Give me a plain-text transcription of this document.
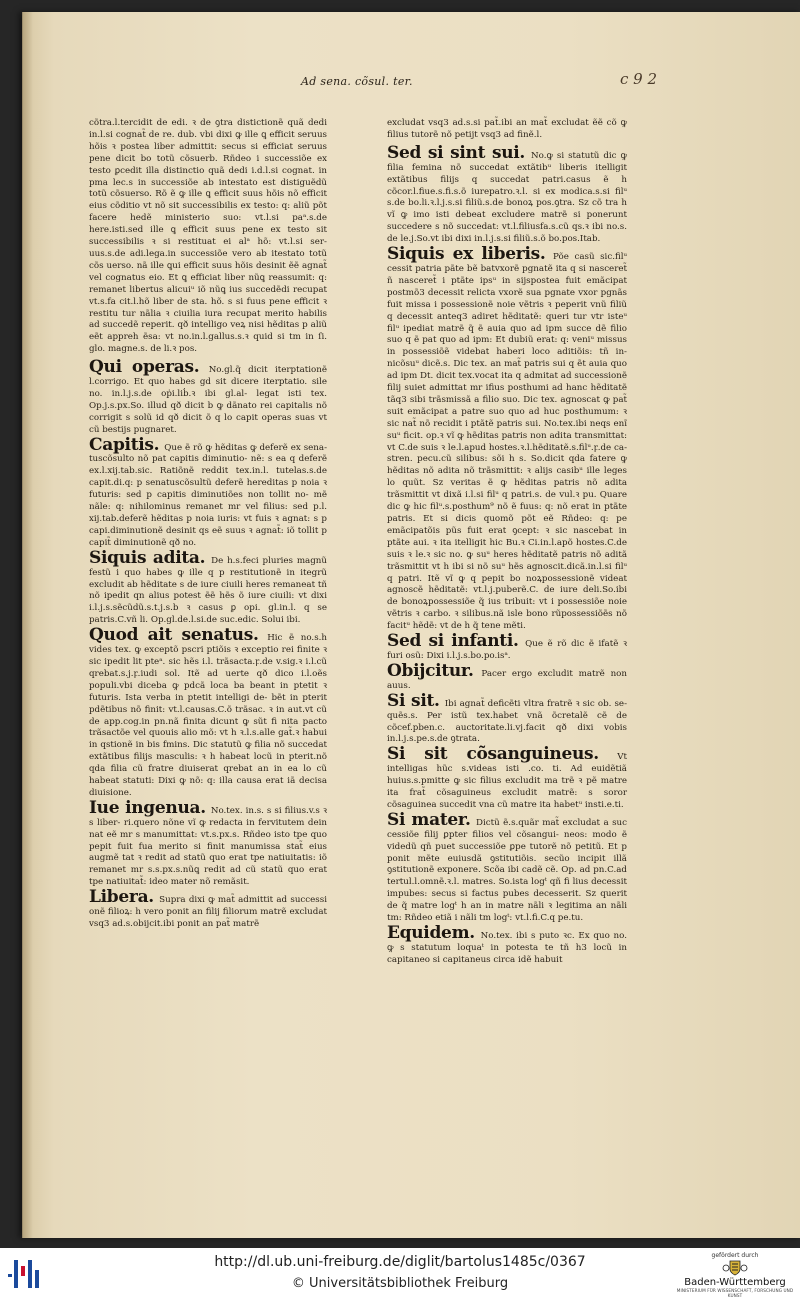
Ad sena. cõsul. ter.	c 9 2

cõtra.l.tercidit de edi. ꝛ de ꝯtra distictionẽ quã dedi in.l.si cognat̃ de re. dub. vbi dixi ꝙ ille ꝗ efficit seruus hõis ꝛ postea liber admittit: secus si efficiat seruus pene dicit bo totũ cõsuerb. Rñdeo i successiõe ex testo ꝑcedit illa distinctio quã dedi i.d.l.si cognat. in pma lec.s in successiõe ab intestato est distiguẽdũ totũ cõsuerso. Rõ ẽ ꝙ ille ꝗ efficit suus hõis nõ efficit eius cõditio vt nõ sit successibilis ex testo: q: aliũ põt facere hedẽ ministerio suo: vt.l.si paᵃ.s.de here.isti.sed ille ꝗ efficit suus pene ex testo sit successibilis ꝛ si restituat ei alᵃ hõ: vt.l.si ser- uus.s.de adi.lega.in successiõe vero ab itestato totũ cõs uerso. nã ille ꝗui efficit suus hõis desinit ẽẽ agnat̃ vel cognatus eio. Et ꝗ efficiat liber nũꝗ reassumit: q: remanet libertus alicuiᵘ iõ nũꝗ ius succedẽdi recupat vt.s.fa cit.l.hõ liber de sta. hõ. s si fuus pene efficit ꝛ restitu tur nãlia ꝛ ciuilia iura recupat merito habilis ad succedẽ reperit. qð intelligo veꝝ nisi hẽditas p aliũ eẽt appreh ẽsa: vt no.in.l.gallus.s.ꝛ quid si tm in ſi. glo. magne.s. de li.ꝛ pos.

Qui operas. No.gl.q̃ dicit iterptationẽ l.corrigo. Et quo habes gd sit dicere iterptatio. sile no. in.l.j.s.de oṗi.liḃ.ꝛ ibi gl.al- legat isti tex. Op.j.s.px.So. illud qð dicit b ꝙ dãnato rei capitalis nõ corrigit s solũ id qð dicit õ q lo capit operas suas vt cũ bestijs pugnaret.

Capitis. Que ẽ rõ ꝙ hẽditas ꝙ deferẽ ex sena- tuscõsulto nõ pat capitis diminutio- nẽ: s ea q deferẽ ex.l.xij.tab.sic. Ratiõnẽ reddit tex.in.l. tutelas.s.de capit.di.q: p senatuscõsultũ deferẽ hereditas p noia ꝛ futuris: sed p capitis diminutiões non tollit no- mẽ nãle: q: nihilominus remanet mr vel filius: sed p.l. xij.tab.deferẽ hẽditas p noia iuris: vt fuis ꝛ agnat: s p capi.diminutionẽ desinit qs eẽ suus ꝛ agnat̃: iõ tollit p capit̃ diminutionẽ qð no.

Siquis adita. De h.s.feci pluries magnũ festũ i quo habes ꝙ ille q p restitutionẽ in itegrũ excludit ab hẽditate s de iure ciuili heres remaneat tñ nõ ipedit qn alius potest ẽẽ hẽs õ iure ciuili: vt dixi i.l.j.s.sẽcũdũ.s.t.j.s.b ꝛ casus ꝑ opi. gl.in.l. q se patris.C.vñ li. Op.gl.de.l.si.de suc.edic. Solui ibi.

Quod ait senatus. Hic ẽ no.s.h vides tex. ꝙ exceptõ pscri ptiõis ꝛ exceptio rei finite ꝛ sic ipedit lit pteᵃ. sic hẽs i.l. trãsacta.ꝼ.de v.sig.ꝛ i.l.cũ qrebat.s.j.ꝼ.iudi sol. Itẽ ad uerte qð dico i.l.oẽs populi.vbi diceba ꝙ pdcã loca ba beant in ptetit ꝛ futuris. Ista verba in ptetit intelligi de- bẽt in pterit pdẽtibus nõ finit: vt.l.causas.C.õ trãsac. ꝛ in aut.vt cũ de app.cog.in pn.nã finita dicunt ꝙ sũt fi nita pacto trãsactõe vel quouis alio mõ: vt h ꝛ.l.s.alle gat̃.ꝛ habui in qstionẽ in bis fmins. Dic statutũ ꝙ filia nõ succedat extãtibus filijs masculis: ꝛ h habeat locũ in pterit.nõ qda filia cũ fratre diuiserat qrebat an in ea lo cũ habeat statuti: Dixi ꝙ nõ: q: illa causa erat iã decisa diuisione.

Iue ingenua. No.tex. in.s. s si filius.v.s ꝛ s liber- ri.quero nõne vĩ ꝙ redacta in fervitutem dein nat eẽ mr s manumittat: vt.s.px.s. Rñdeo isto tpe quo pepit fuit fua merito si finit manumissa stat̃ eius augmẽ tat ꝛ redit ad statũ quo erat tpe natiuitatis: iõ remanet mr s.s.px.s.nũꝗ redit ad cũ statũ quo erat tpe natiuitat̃: ideo mater nõ remãsit.

Libera. Supra dixi ꝙ mat̃ admittit ad successi onẽ filioꝝ: h vero ponit an filij filiorum matrẽ excludat vsq3 ad.s.obijcit.ibi ponit an pat̃ matrẽ

excludat vsq3 ad.s.si pat̃.ibi an mat̃ excludat ẽẽ cõ ꝙ filius tutorẽ nõ petijt vsq3 ad finẽ.l.

Sed si sint sui. No.ꝙ si statutũ dic ꝙ filia femina nõ succedat extãtibᵘ liberis itelligit extãtibus filijs q succedat patri.casus ẽ h cõcor.l.fiue.s.fi.s.õ iurepatro.ꝛ.l. si ex modica.s.si filᵘ s.de bo.li.ꝛ.l.j.s.si filiũ.s.de bonoꝝ pos.ꝯtra. Sz cõ tra h vĩ ꝙ imo isti debeat excludere matrẽ si ponerunt succedere s nõ succedat: vt.l.filiusfa.s.cũ qs.ꝛ ibi no.s. de le.j.So.vt ibi dixi in.l.j.s.si filiũ.s.õ bo.pos.Itab.

Siquis ex liberis. Põe casũ sic.filᵘ cessit patria pãte bẽ batvxorẽ pgnatẽ ita q si nasceret̃ ñ nasceret̃ i ptãte ipsᵘ in sijspostea fuit emãcipat postmõ3 decessit relicta vxorẽ sua pgnate vxor pgnãs fuit missa i possessionẽ noie vẽtris ꝛ peperit vnũ filiũ q decessit anteq3 adiret hẽditatẽ: queri tur vtr isteᵘ filᵘ ipediat matrẽ q̃ ẽ auia quo ad ipm succe dẽ filio suo q ẽ pat quo ad ipm: Et dubiũ erat: q: veniᵘ missus in possessiõẽ videbat haberi loco aditiõis: tñ in- nicõsuᵘ dicẽ.s. Dic tex. an mat̃ patris sui q ẽt auia quo ad ipm Dt. dicit tex.vocat ita q admitat ad successionẽ filij suiet admittat mr ifius posthumi ad hanc hẽditatẽ tãq3 sibi trãsmissã a filio suo. Dic tex. agnoscat ꝙ pat̃ suit emãcipat a patre suo quo ad huc posthumum: ꝛ sic nat̃ nõ recidit i ptãtẽ patris sui. No.tex.ibi neqs enĩ suᵘ ficit. op.ꝛ vĩ ꝙ hẽditas patris non adita transmittat: vt C.de suis ꝛ le.l.apud hostes.ꝛ.l.hẽditatẽ.s.filᵘ.ꝼ.de ca- stren. pecu.cũ silibus: sõi h s. So.dicit qda fatere ꝙ hẽditas nõ adita nõ trãsmittit: ꝛ alijs casibᵘ ille leges lo quũt. Sz veritas ẽ ꝙ hẽditas patris nõ adita trãsmittit vt dixã i.l.si filᵘ q patri.s. de vul.ꝛ pu. Quare dic ꝙ hic filᵘ.s.posthum⁹ nõ ẽ fuus: q: nõ erat in ptãte patris. Et si dicis quomõ põt eẽ Rñdeo: q: pe emãcipatõis pũs fuit erat ꝯcept: ꝛ sic nascebat in ptãte aui. ꝛ ita itelligit hic Bu.ꝛ Ci.in.l.apõ hostes.C.de suis ꝛ le.ꝛ sic no. ꝙ suᵘ heres hẽditatẽ patris nõ aditã trãsmittit vt h ibi si nõ suᵘ hẽs agnoscit.dicã.in.l.si filᵘ q patri. Itẽ vĩ ꝙ q pepit bo noꝝpossessionẽ videat agnoscẽ hẽditatẽ: vt.l.j.puberẽ.C. de iure deli.So.ibi de bonoꝝpossessiõe q̃ ius tribuit: vt i possessiõe noie vẽtris ꝛ carbo. ꝛ silibus.nã isle bono rũpossessiõẽs nõ facitᵘ hẽdẽ: vt de h q̃ tene mẽti.

Sed si infanti. Que ẽ rõ dic ẽ ifatẽ ꝛ furi osũ: Dixi i.l.j.s.bo.po.isᵃ.

Obijcitur. Pacer ergo excludit matrẽ non auus.

Si sit. Ibi agnat̃ deficẽti vltra fratrẽ ꝛ sic ob. se- quẽs.s. Per istũ tex.habet vnã õcretalẽ cẽ de cõcef.pben.c. auctoritate.li.vj.facit qð dixi vobis in.l.j.s.pe.s.de ꝯtrata.

Si sit cõsanguineus. Vt intelligas hũc s.videas isti .co. ti. Ad euidẽtiã huius.s.pmitte ꝙ sic filius excludit ma trẽ ꝛ pẽ matre ita frat̃ cõsaguineus excludit matrẽ: s soror cõsaguinea succedit vna cũ matre ita habetᵘ insti.e.ti.

Si mater. Dictũ ẽ.s.quãr mat̃ excludat a suc cessiõe filij ꝑpter filios vel cõsangui- neos: modo ẽ videdũ qñ puet successiõe ꝑpe tutorẽ nõ petitũ. Et p ponit mẽte euiusdã ꝯstitutiõis. secũo incipit illã ꝯstitutionẽ exponere. Scõa ibi cadẽ cẽ. Op. ad pn.C.ad tertul.l.omnẽ.ꝛ.l. matres. So.ista logᵗ qñ fi lius decessit impubes: secus si factus pubes decesserit. Sz querit de q̃ matre logᵗ h an in matre nãli ꝛ legitima an nãli tm: Rñdeo etiã i nãli tm logᵗ: vt.l.fi.C.q pe.tu.

Equidem. No.tex. ibi s puto ꝛc. Ex quo no. ꝙ s statutum loquaᵗ in potesta te tñ h3 locũ in capitaneo si capitaneus circa idẽ habuit

http://dl.ub.uni-freiburg.de/diglit/bartolus1485c/0367
© Universitätsbibliothek Freiburg
gefördert durch
Baden-Württemberg
MINISTERIUM FÜR WISSENSCHAFT, FORSCHUNG UND KUNST
